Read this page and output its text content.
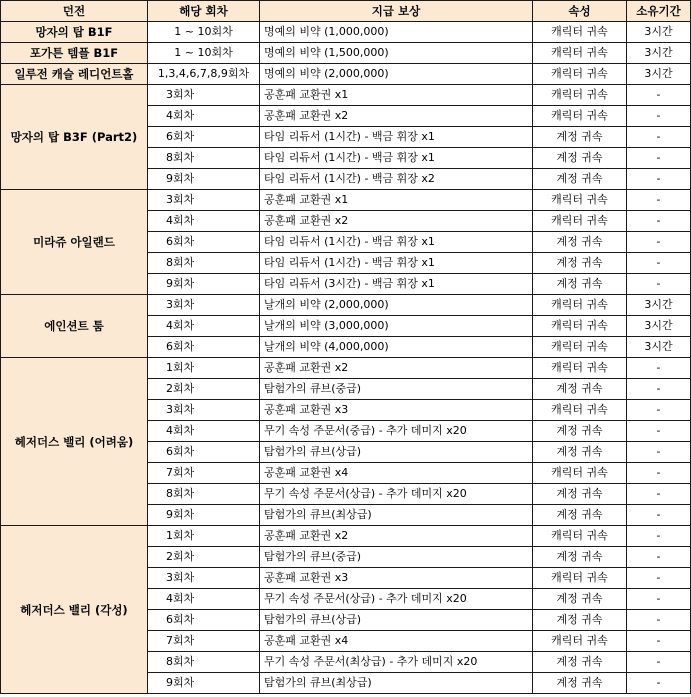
던전	해당 회차	지급 보상	속성	소유기간
망자의 탑 B1F	1 ~ 10회차	명예의 비약 (1,000,000)	캐릭터 귀속	3시간
포가튼 템플 B1F	1 ~ 10회차	명예의 비약 (1,500,000)	캐릭터 귀속	3시간
일루전 캐슬 레디언트홀	1,3,4,6,7,8,9회차	명예의 비약 (2,000,000)	캐릭터 귀속	3시간
망자의 탑 B3F (Part2)	3회차	공훈패 교환권 x1	캐릭터 귀속	-
	4회차	공훈패 교환권 x2	캐릭터 귀속	-
	6회차	타임 리듀서 (1시간) - 백금 휘장 x1	계정 귀속	-
	8회차	타임 리듀서 (1시간) - 백금 휘장 x1	계정 귀속	-
	9회차	타임 리듀서 (1시간) - 백금 휘장 x2	계정 귀속	-
미라쥬 아일랜드	3회차	공훈패 교환권 x1	캐릭터 귀속	-
	4회차	공훈패 교환권 x2	캐릭터 귀속	-
	6회차	타임 리듀서 (1시간) - 백금 휘장 x1	계정 귀속	-
	8회차	타임 리듀서 (1시간) - 백금 휘장 x1	계정 귀속	-
	9회차	타임 리듀서 (3시간) - 백금 휘장 x1	계정 귀속	-
에인션트 툼	3회차	날개의 비약 (2,000,000)	캐릭터 귀속	3시간
	4회차	날개의 비약 (3,000,000)	캐릭터 귀속	3시간
	6회차	날개의 비약 (4,000,000)	캐릭터 귀속	3시간
헤저더스 밸리 (어려움)	1회차	공훈패 교환권 x2	캐릭터 귀속	-
	2회차	탐험가의 큐브(중급)	계정 귀속	-
	3회차	공훈패 교환권 x3	캐릭터 귀속	-
	4회차	무기 속성 주문서(중급) - 추가 데미지 x20	계정 귀속	-
	6회차	탐험가의 큐브(상급)	계정 귀속	-
	7회차	공훈패 교환권 x4	캐릭터 귀속	-
	8회차	무기 속성 주문서(상급) - 추가 데미지 x20	계정 귀속	-
	9회차	탐험가의 큐브(최상급)	계정 귀속	-
헤저더스 밸리 (각성)	1회차	공훈패 교환권 x2	캐릭터 귀속	-
	2회차	탐험가의 큐브(중급)	계정 귀속	-
	3회차	공훈패 교환권 x3	캐릭터 귀속	-
	4회차	무기 속성 주문서(상급) - 추가 데미지 x20	계정 귀속	-
	6회차	탐험가의 큐브(상급)	계정 귀속	-
	7회차	공훈패 교환권 x4	캐릭터 귀속	-
	8회차	무기 속성 주문서(최상급) - 추가 데미지 x20	계정 귀속	-
	9회차	탐험가의 큐브(최상급)	계정 귀속	-
